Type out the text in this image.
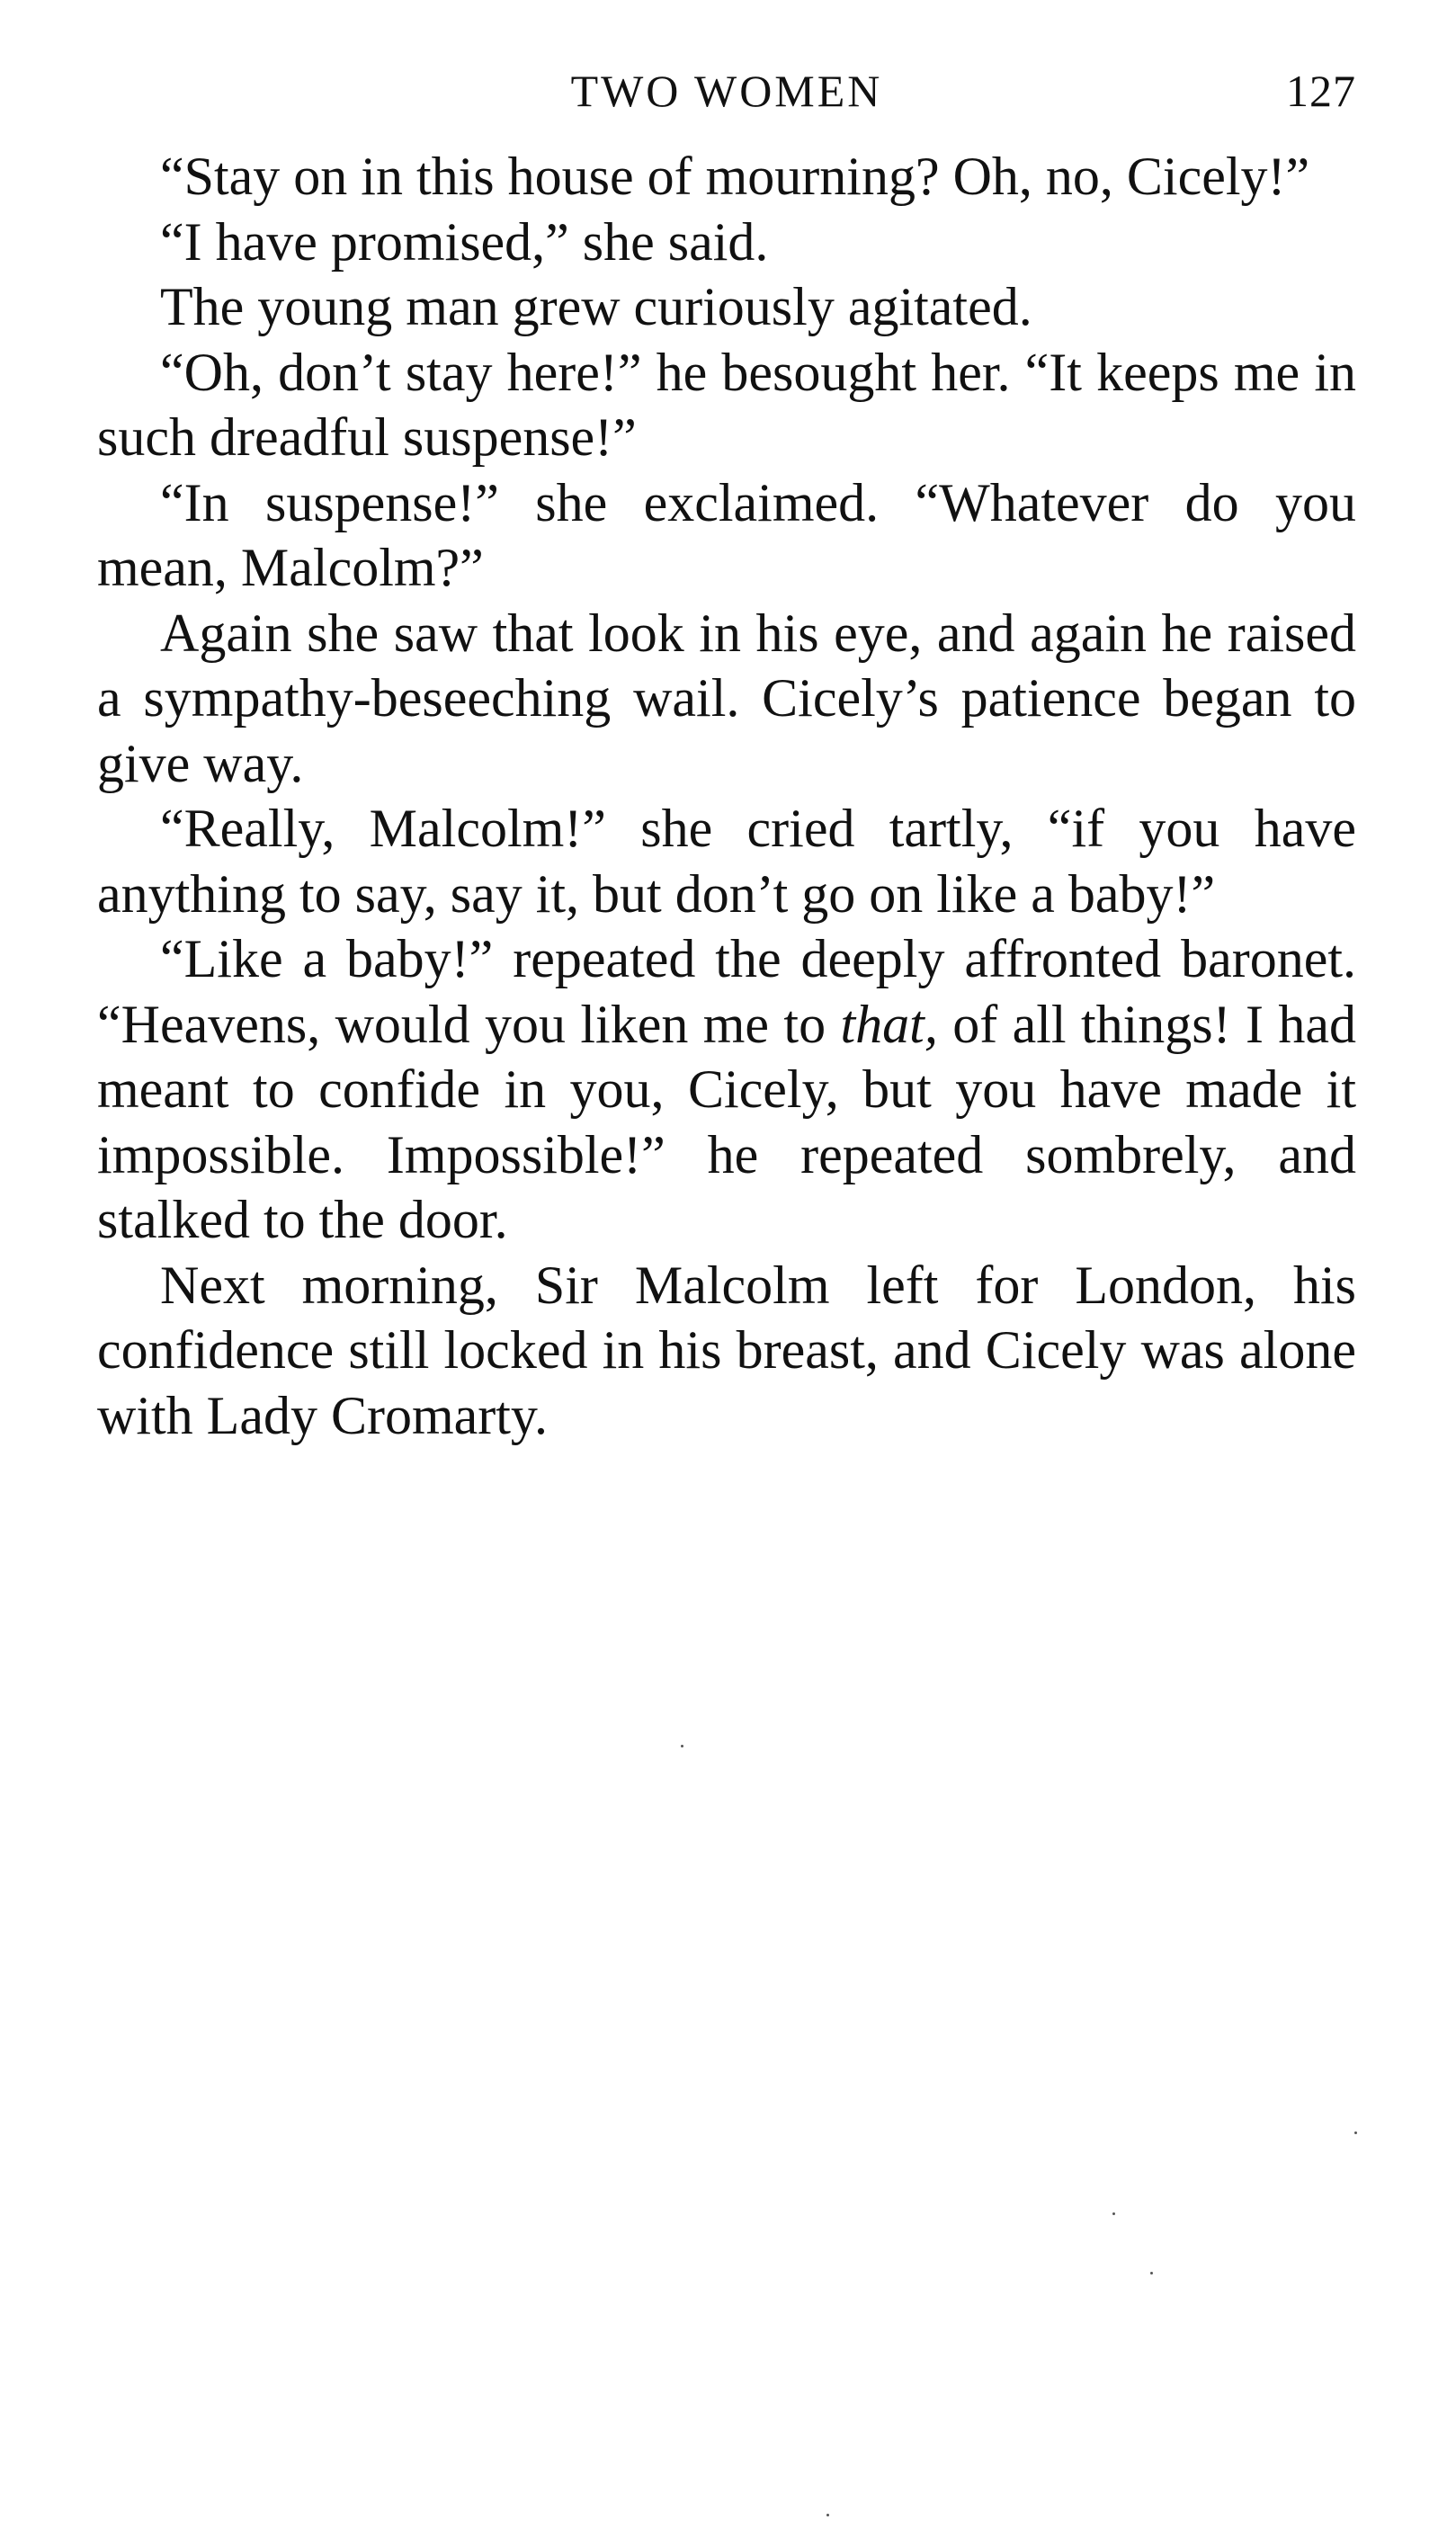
TWO WOMEN	127

“Stay on in this house of mourning? Oh, no, Cicely!”

“I have promised,” she said.

The young man grew curiously agitated.

“Oh, don’t stay here!” he besought her. “It keeps me in such dreadful suspense!”

“In suspense!” she exclaimed. “Whatever do you mean, Malcolm?”

Again she saw that look in his eye, and again he raised a sympathy-beseeching wail. Cicely’s patience began to give way.

“Really, Malcolm!” she cried tartly, “if you have anything to say, say it, but don’t go on like a baby!”

“Like a baby!” repeated the deeply affronted baronet. “Heavens, would you liken me to that, of all things! I had meant to confide in you, Cicely, but you have made it impossible. Impossible!” he repeated sombrely, and stalked to the door.

Next morning, Sir Malcolm left for London, his confidence still locked in his breast, and Cicely was alone with Lady Cromarty.
